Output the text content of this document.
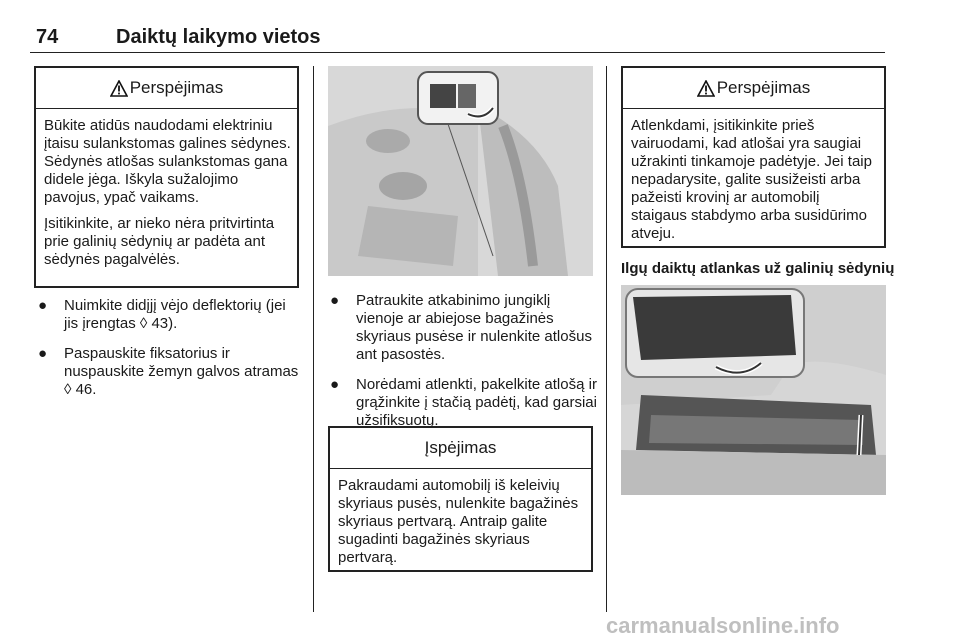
74	Daiktų laikymo vietos
Perspėjimas

Būkite atidūs naudodami elektriniu įtaisu sulankstomas galines sėdynes. Sėdynės atlošas sulankstomas gana didele jėga. Iškyla sužalojimo pavojus, ypač vaikams.

Įsitikinkite, ar nieko nėra pritvirtinta prie galinių sėdynių ar padėta ant sėdynės pagalvėlės.

● Nuimkite didįjį vėjo deflektorių (jei jis įrengtas ◊ 43).
● Paspauskite fiksatorius ir nuspauskite žemyn galvos atramas ◊ 46.
● Patraukite atkabinimo jungiklį vienoje ar abiejose bagažinės skyriaus pusėse ir nulenkite atlošus ant pasostės.
● Norėdami atlenkti, pakelkite atlošą ir grąžinkite į stačią padėtį, kad garsiai užsifiksuotų.
Įspėjimas

Pakraudami automobilį iš keleivių skyriaus pusės, nulenkite bagažinės skyriaus pertvarą. Antraip galite sugadinti bagažinės skyriaus pertvarą.

Perspėjimas

Atlenkdami, įsitikinkite prieš vairuodami, kad atlošai yra saugiai užrakinti tinkamoje padėtyje. Jei taip nepadarysite, galite susižeisti arba pažeisti krovinį ar automobilį staigaus stabdymo arba susidūrimo atveju.

Ilgų daiktų atlankas už galinių sėdynių
carmanualsonline.info
